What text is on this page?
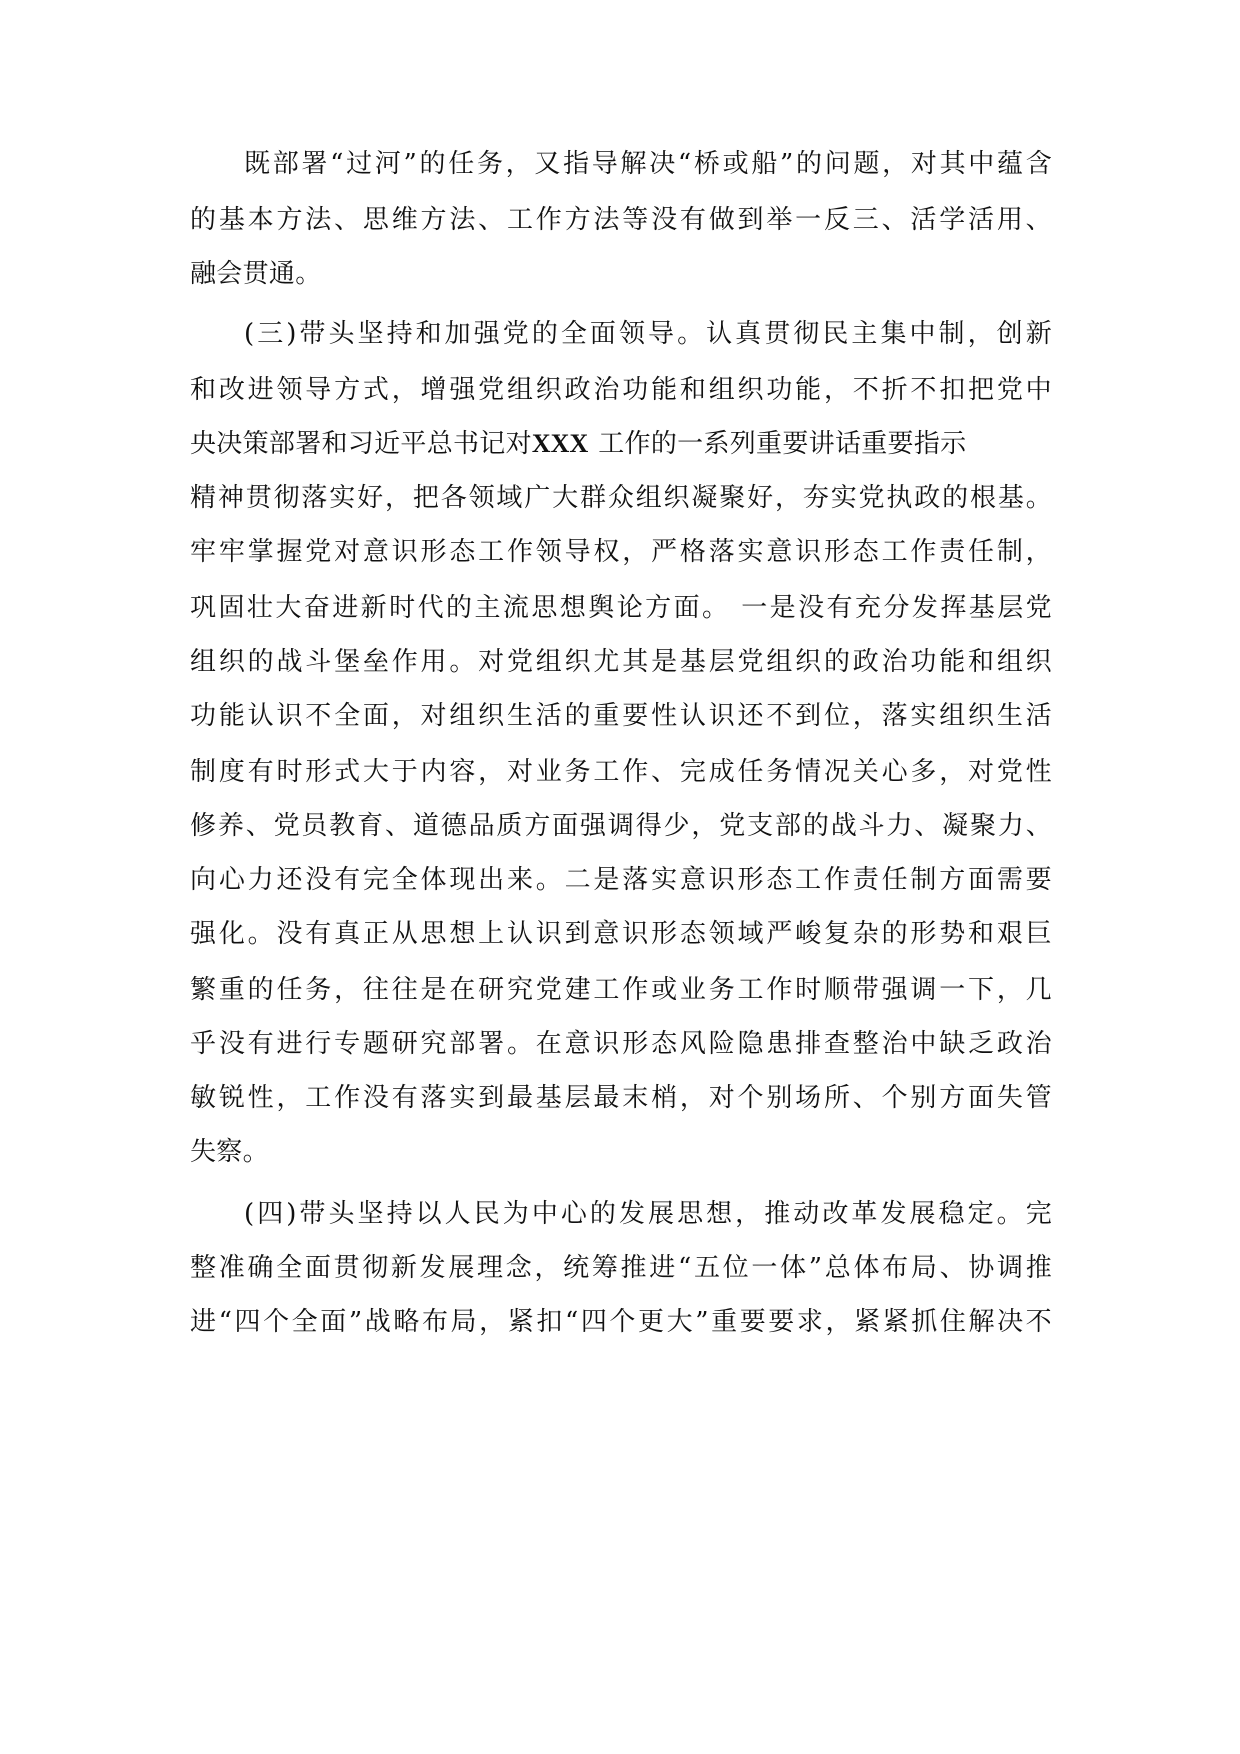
既部署“过河”的任务，又指导解决“桥或船”的问题，对其中蕴含
的基本方法、思维方法、工作方法等没有做到举一反三、活学活用、
融会贯通。
(三)带头坚持和加强党的全面领导。认真贯彻民主集中制，创新
和改进领导方式，增强党组织政治功能和组织功能，不折不扣把党中
央决策部署和习近平总书记对XXX 工作的一系列重要讲话重要指示
精神贯彻落实好，把各领域广大群众组织凝聚好，夯实党执政的根基。
牢牢掌握党对意识形态工作领导权，严格落实意识形态工作责任制，
巩固壮大奋进新时代的主流思想舆论方面。 一是没有充分发挥基层党
组织的战斗堡垒作用。对党组织尤其是基层党组织的政治功能和组织
功能认识不全面，对组织生活的重要性认识还不到位，落实组织生活
制度有时形式大于内容，对业务工作、完成任务情况关心多，对党性
修养、党员教育、道德品质方面强调得少，党支部的战斗力、凝聚力、
向心力还没有完全体现出来。二是落实意识形态工作责任制方面需要
强化。没有真正从思想上认识到意识形态领域严峻复杂的形势和艰巨
繁重的任务，往往是在研究党建工作或业务工作时顺带强调一下，几
乎没有进行专题研究部署。在意识形态风险隐患排查整治中缺乏政治
敏锐性，工作没有落实到最基层最末梢，对个别场所、个别方面失管
失察。
(四)带头坚持以人民为中心的发展思想，推动改革发展稳定。完
整准确全面贯彻新发展理念，统筹推进“五位一体”总体布局、协调推
进“四个全面”战略布局，紧扣“四个更大”重要要求，紧紧抓住解决不
